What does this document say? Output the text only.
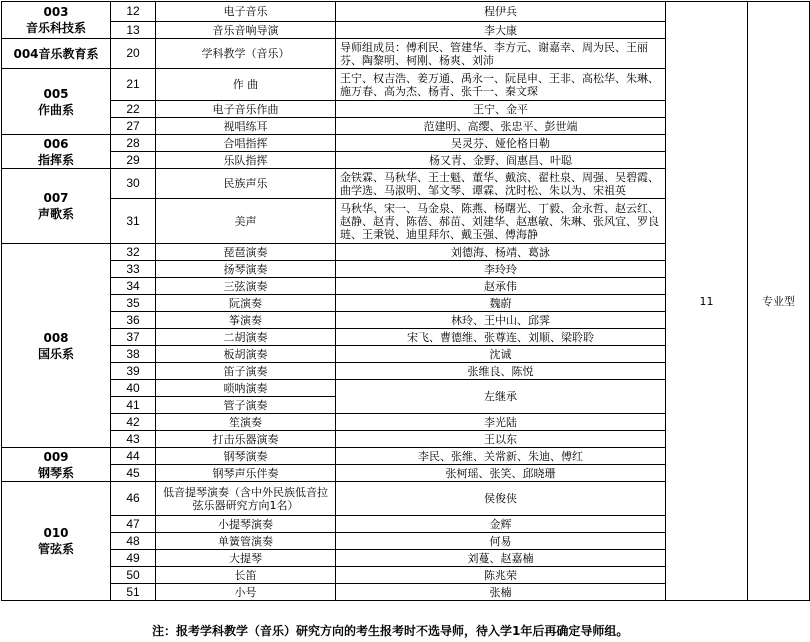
003
音乐科技系	12	电子音乐	程伊兵	11	专业型
	13	音乐音响导演	李大康		

004音乐教育系	20	学科教学（音乐）	导师组成员：傅利民、管建华、李方元、谢嘉幸、周为民、王丽芬、陶黎明、柯刚、杨爽、刘沛		

005
作曲系	21	作 曲	王宁、权吉浩、姜万通、禹永一、阮昆申、王非、高松华、朱琳、施万春、高为杰、杨青、张千一、秦文琛		

	22	电子音乐作曲	王宁、金平		
	27	视唱练耳	范建明、高缨、张忠平、彭世端		

006
指挥系	28	合唱指挥	吴灵芬、娅伦格日勒		
	29	乐队指挥	杨又青、金野、阎惠昌、叶聪		

007
声歌系	30	民族声乐	金铁霖、马秋华、王士魁、董华、戴滨、翟杜泉、周强、吴碧霞、曲学选、马淑明、邹文琴、谭霖、沈时松、朱以为、宋祖英		

	31	美声	马秋华、宋一、马金泉、陈燕、杨曙光、丁毅、金永哲、赵云红、赵静、赵青、陈蓓、郝苗、刘建华、赵惠敏、朱琳、张风宜、罗良琏、王秉锐、迪里拜尔、戴玉强、傅海静		

008
国乐系	32	琵琶演奏	刘德海、杨靖、葛詠		
	33	扬琴演奏	李玲玲		
	34	三弦演奏	赵承伟		
	35	阮演奏	魏蔚		
	36	筝演奏	林玲、王中山、邱霁		
	37	二胡演奏	宋飞、曹德维、张尊连、刘顺、梁聆聆		
	38	板胡演奏	沈诚		
	39	笛子演奏	张维良、陈悦		
	40	唢呐演奏	左继承		
	41	管子演奏			
	42	笙演奏	李光陆		
	43	打击乐器演奏	王以东		

009
钢琴系	44	钢琴演奏	李民、张维、关常新、朱迪、傅红		
	45	钢琴声乐伴奏	张柯瑶、张笑、邱晓珊		

010
管弦系	46	低音提琴演奏（含中外民族低音拉弦乐器研究方向1名）	侯俊侠		
	47	小提琴演奏	金辉		
	48	单簧管演奏	何易		
	49	大提琴	刘蔓、赵嘉楠		
	50	长笛	陈兆荣		
	51	小号	张楠		
注：报考学科教学（音乐）研究方向的考生报考时不选导师，待入学1年后再确定导师组。
